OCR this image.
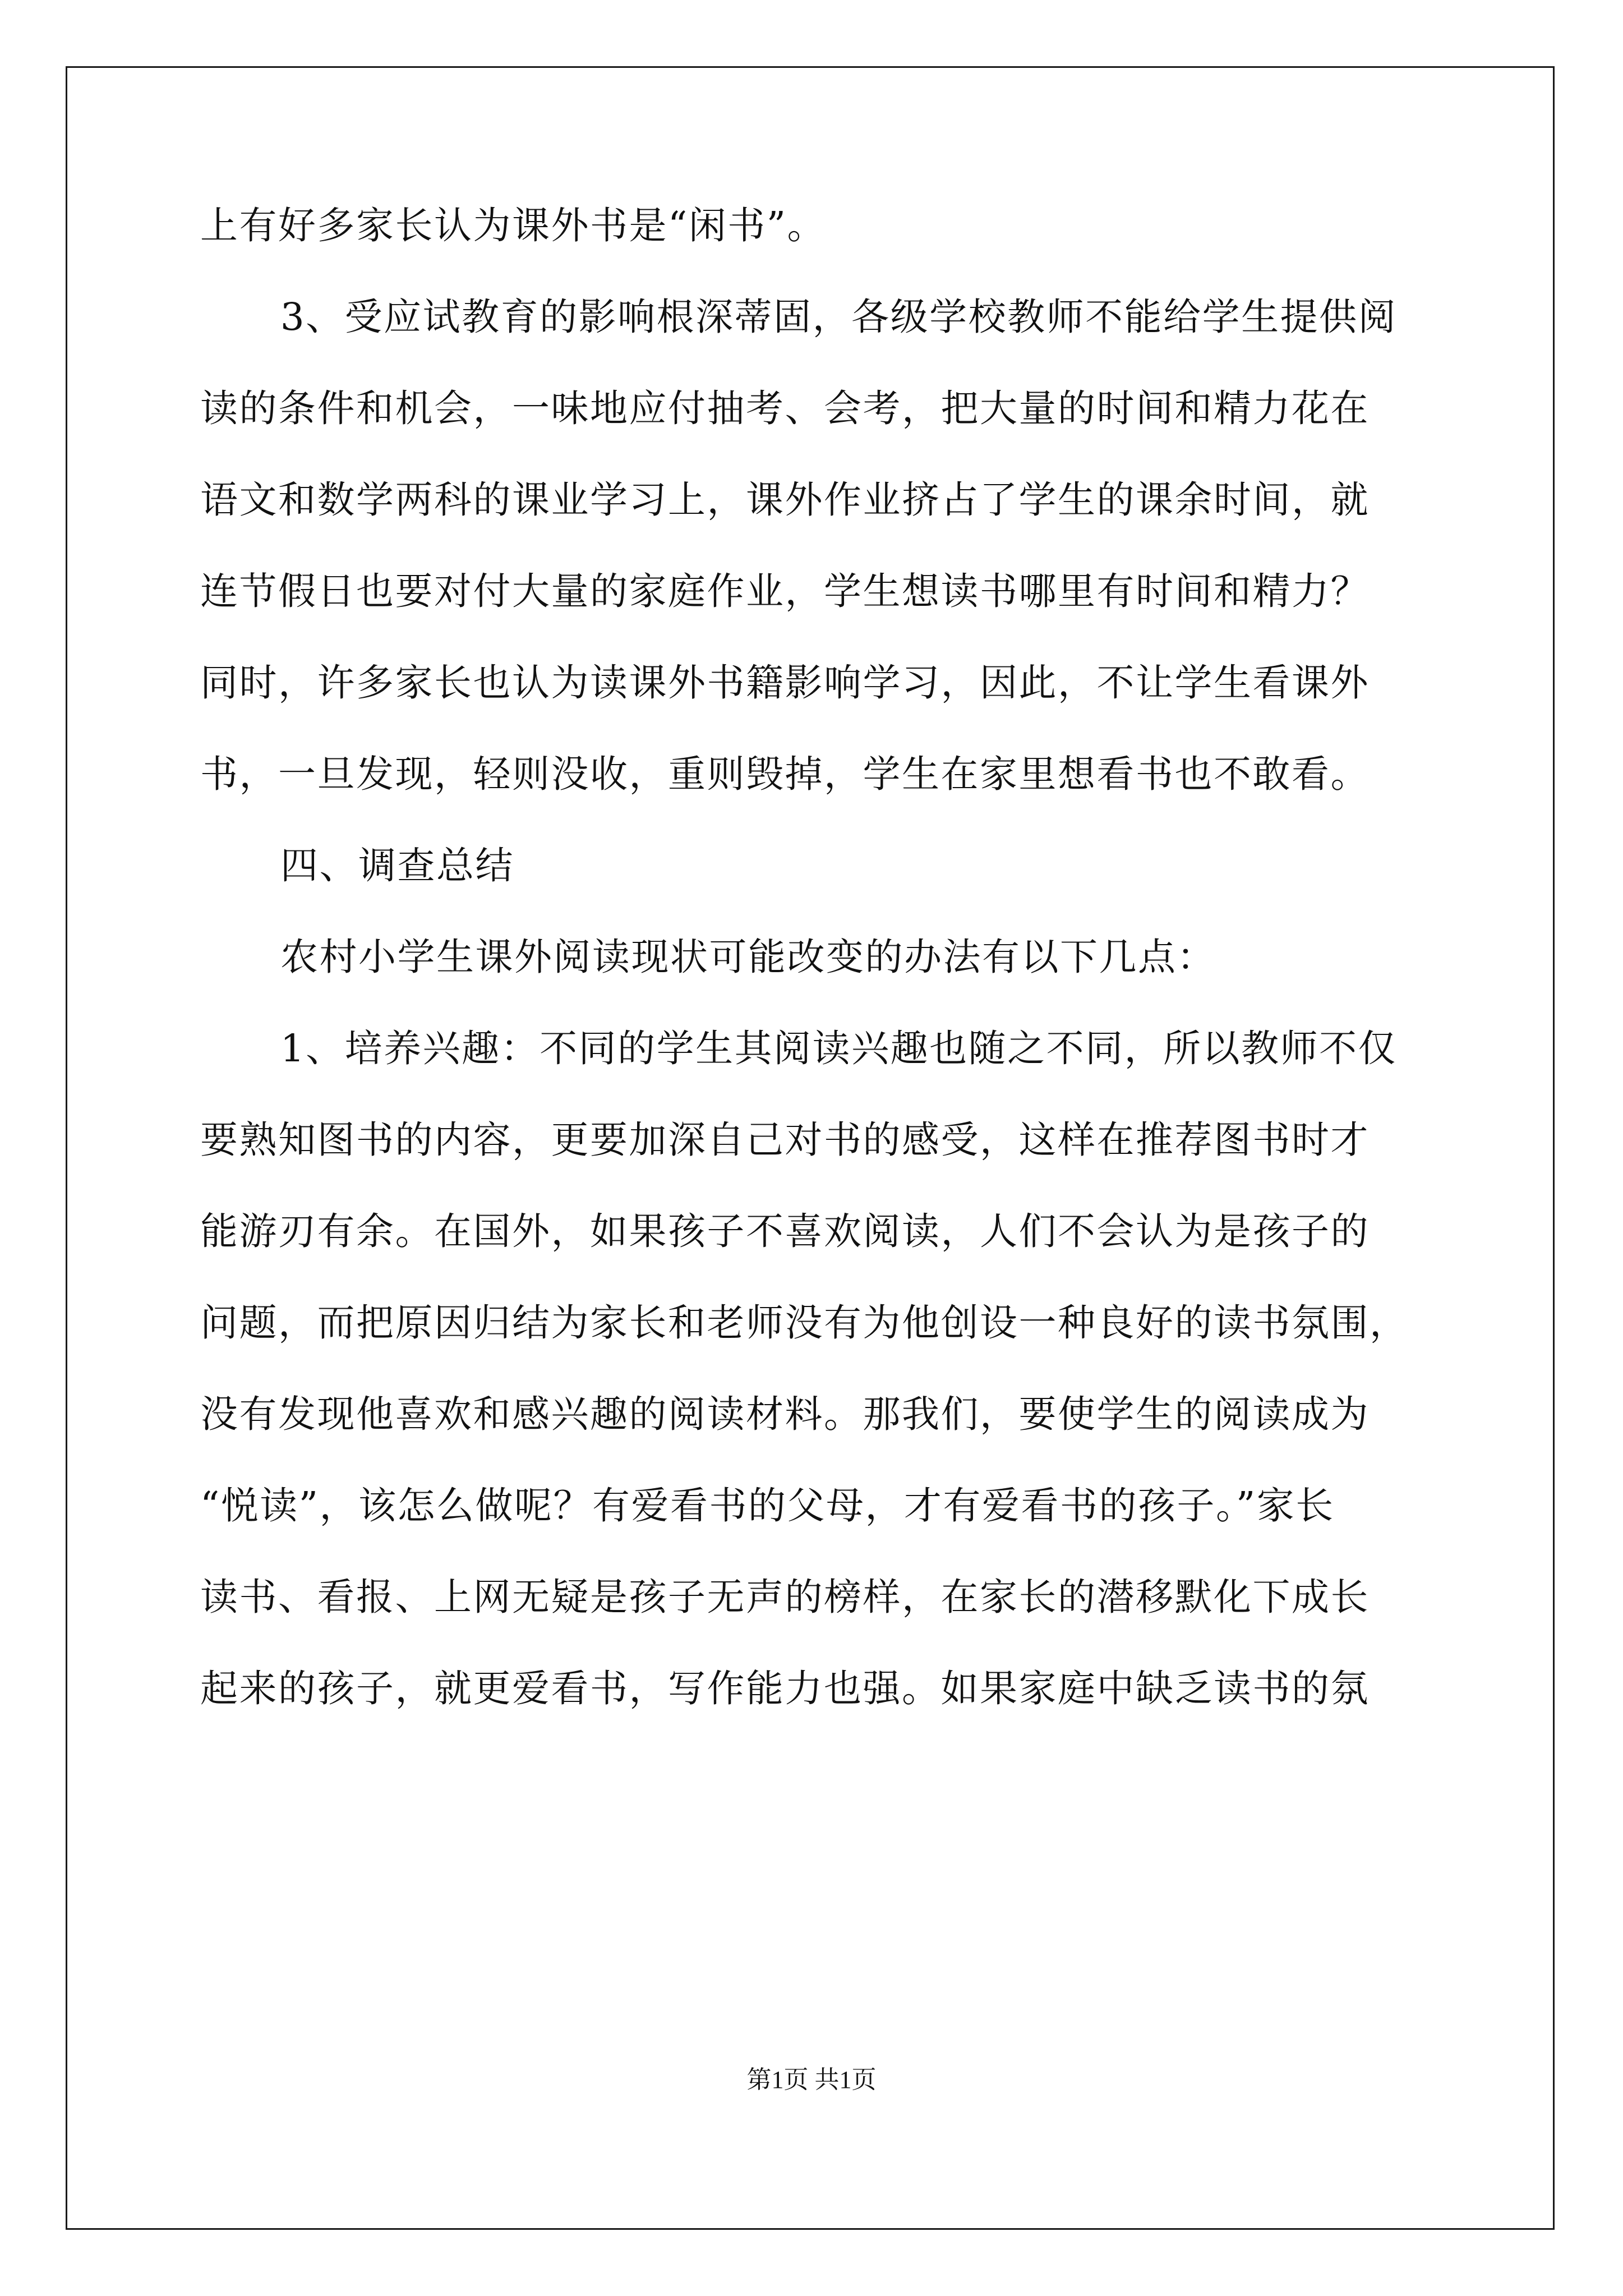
上有好多家长认为课外书是“闲书”。
3、受应试教育的影响根深蒂固，各级学校教师不能给学生提供阅
读的条件和机会，一味地应付抽考、会考，把大量的时间和精力花在
语文和数学两科的课业学习上，课外作业挤占了学生的课余时间，就
连节假日也要对付大量的家庭作业，学生想读书哪里有时间和精力？
同时，许多家长也认为读课外书籍影响学习，因此，不让学生看课外
书，一旦发现，轻则没收，重则毁掉，学生在家里想看书也不敢看。
四、调查总结
农村小学生课外阅读现状可能改变的办法有以下几点：
1、培养兴趣：不同的学生其阅读兴趣也随之不同，所以教师不仅
要熟知图书的内容，更要加深自己对书的感受，这样在推荐图书时才
能游刃有余。在国外，如果孩子不喜欢阅读，人们不会认为是孩子的
问题，而把原因归结为家长和老师没有为他创设一种良好的读书氛围，
没有发现他喜欢和感兴趣的阅读材料。那我们，要使学生的阅读成为
“悦读”，该怎么做呢？有爱看书的父母，才有爱看书的孩子。”家长
读书、看报、上网无疑是孩子无声的榜样，在家长的潜移默化下成长
起来的孩子，就更爱看书，写作能力也强。如果家庭中缺乏读书的氛
第1页 共1页
